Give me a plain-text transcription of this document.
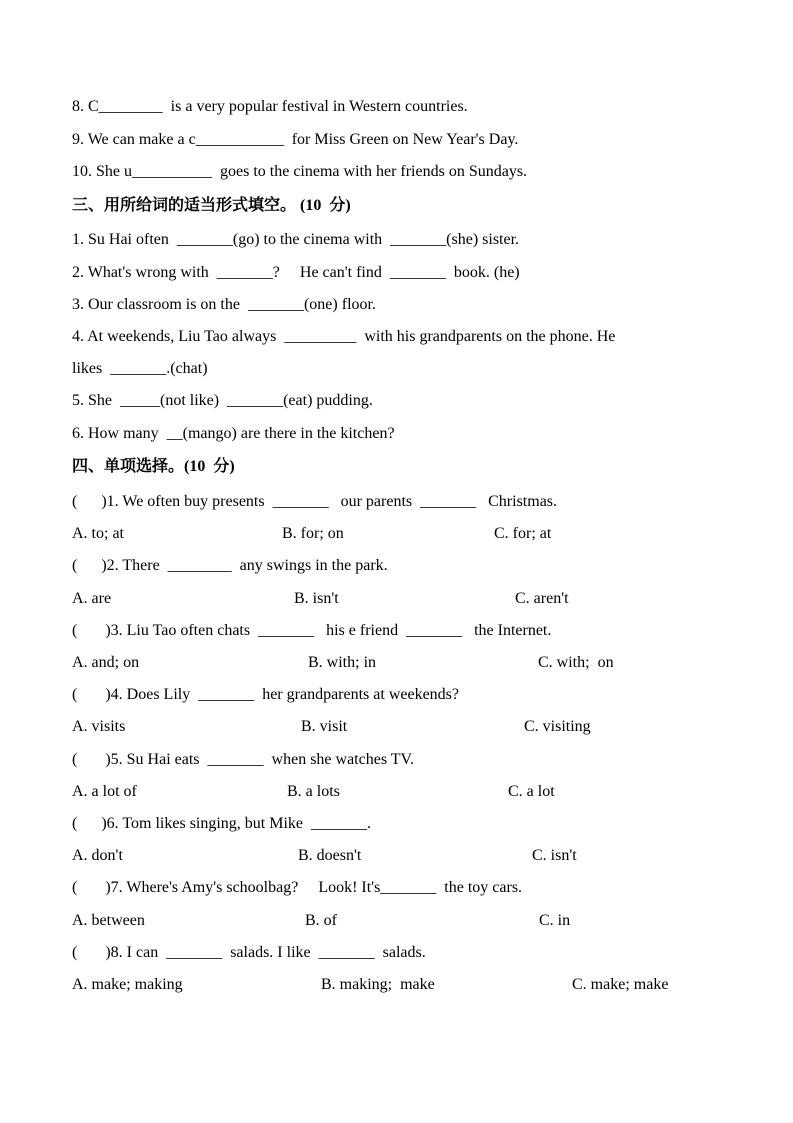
8. C________  is a very popular festival in Western countries.
9. We can make a c___________  for Miss Green on New Year's Day.
10. She u__________  goes to the cinema with her friends on Sundays.
三、用所给词的适当形式填空。 (10  分)
1. Su Hai often  _______(go) to the cinema with  _______(she) sister.
2. What's wrong with  _______?     He can't find  _______  book. (he)
3. Our classroom is on the  _______(one) floor.
4. At weekends, Liu Tao always  _________  with his grandparents on the phone. He
likes  _______.(chat)
5. She  _____(not like)  _______(eat) pudding.
6. How many  __(mango) are there in the kitchen?
四、单项选择。(10  分)
(      )1. We often buy presents  _______   our parents  _______   Christmas.
A. to; at	B. for; on	C. for; at
(      )2. There  ________  any swings in the park.
A. are	B. isn't	C. aren't
(       )3. Liu Tao often chats  _______   his e friend  _______   the Internet.
A. and; on	B. with; in	C. with;  on
(       )4. Does Lily  _______  her grandparents at weekends?
A. visits	B. visit	C. visiting
(       )5. Su Hai eats  _______  when she watches TV.
A. a lot of	B. a lots	C. a lot
(      )6. Tom likes singing, but Mike  _______.
A. don't	B. doesn't	C. isn't
(       )7. Where's Amy's schoolbag?     Look! It's_______  the toy cars.
A. between	B. of	C. in
(       )8. I can  _______  salads. I like  _______  salads.
A. make; making	B. making;  make	C. make; make
